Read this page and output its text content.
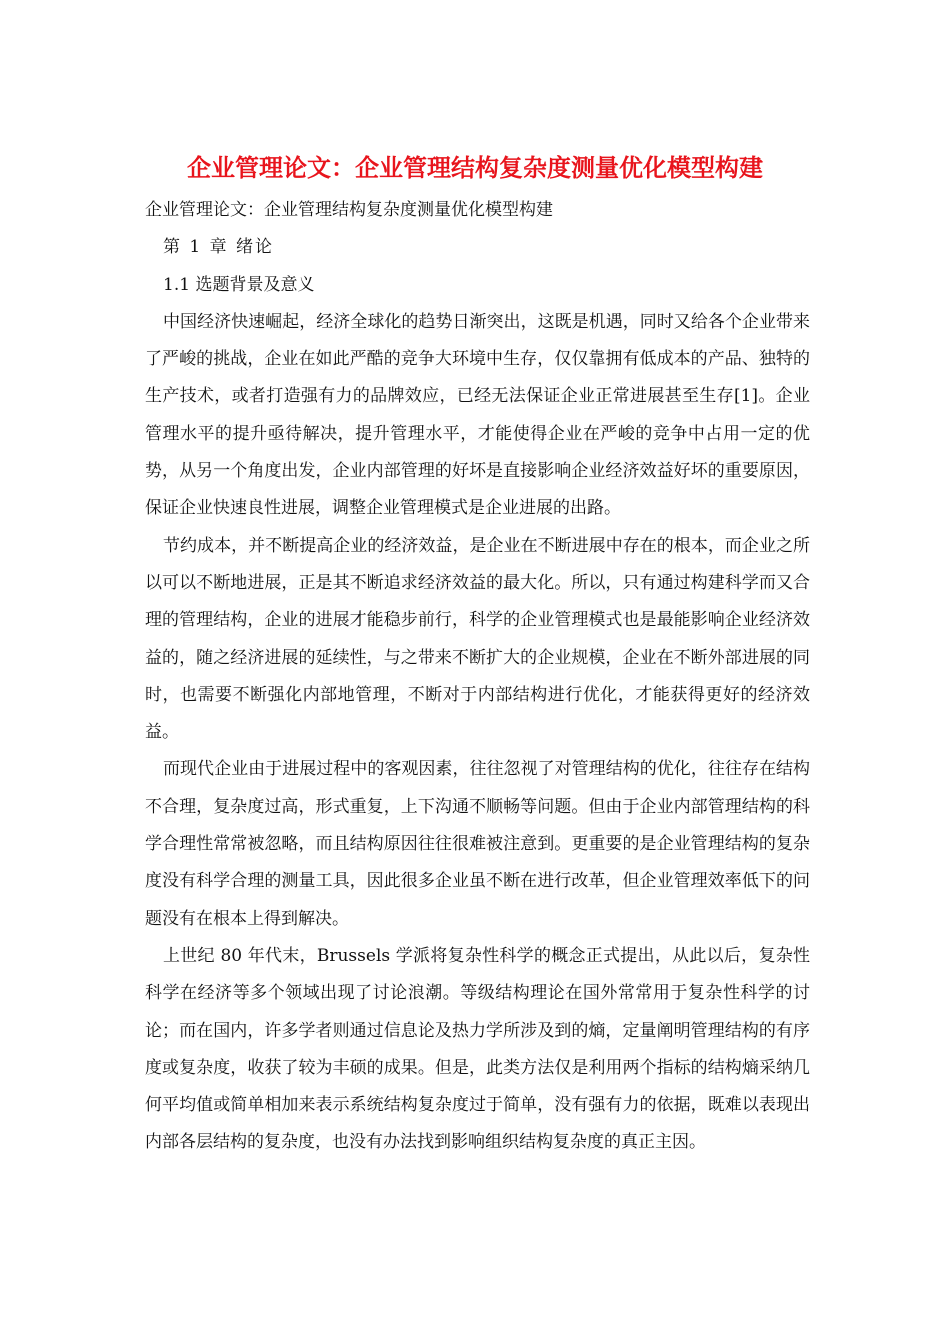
企业管理论文：企业管理结构复杂度测量优化模型构建
企业管理论文：企业管理结构复杂度测量优化模型构建
第 1 章 绪论
1.1 选题背景及意义

中国经济快速崛起，经济全球化的趋势日渐突出，这既是机遇，同时又给各个企业带来了严峻的挑战，企业在如此严酷的竞争大环境中生存，仅仅靠拥有低成本的产品、独特的生产技术，或者打造强有力的品牌效应，已经无法保证企业正常进展甚至生存[1]。企业管理水平的提升亟待解决，提升管理水平，才能使得企业在严峻的竞争中占用一定的优势，从另一个角度出发，企业内部管理的好坏是直接影响企业经济效益好坏的重要原因，保证企业快速良性进展，调整企业管理模式是企业进展的出路。

节约成本，并不断提高企业的经济效益，是企业在不断进展中存在的根本，而企业之所以可以不断地进展，正是其不断追求经济效益的最大化。所以，只有通过构建科学而又合理的管理结构，企业的进展才能稳步前行，科学的企业管理模式也是最能影响企业经济效益的，随之经济进展的延续性，与之带来不断扩大的企业规模，企业在不断外部进展的同时，也需要不断强化内部地管理，不断对于内部结构进行优化，才能获得更好的经济效益。

而现代企业由于进展过程中的客观因素，往往忽视了对管理结构的优化，往往存在结构不合理，复杂度过高，形式重复，上下沟通不顺畅等问题。但由于企业内部管理结构的科学合理性常常被忽略，而且结构原因往往很难被注意到。更重要的是企业管理结构的复杂度没有科学合理的测量工具，因此很多企业虽不断在进行改革，但企业管理效率低下的问题没有在根本上得到解决。

上世纪 80 年代末，Brussels 学派将复杂性科学的概念正式提出，从此以后，复杂性科学在经济等多个领域出现了讨论浪潮。等级结构理论在国外常常用于复杂性科学的讨论；而在国内，许多学者则通过信息论及热力学所涉及到的熵，定量阐明管理结构的有序度或复杂度，收获了较为丰硕的成果。但是，此类方法仅是利用两个指标的结构熵采纳几何平均值或简单相加来表示系统结构复杂度过于简单，没有强有力的依据，既难以表现出内部各层结构的复杂度，也没有办法找到影响组织结构复杂度的真正主因。
